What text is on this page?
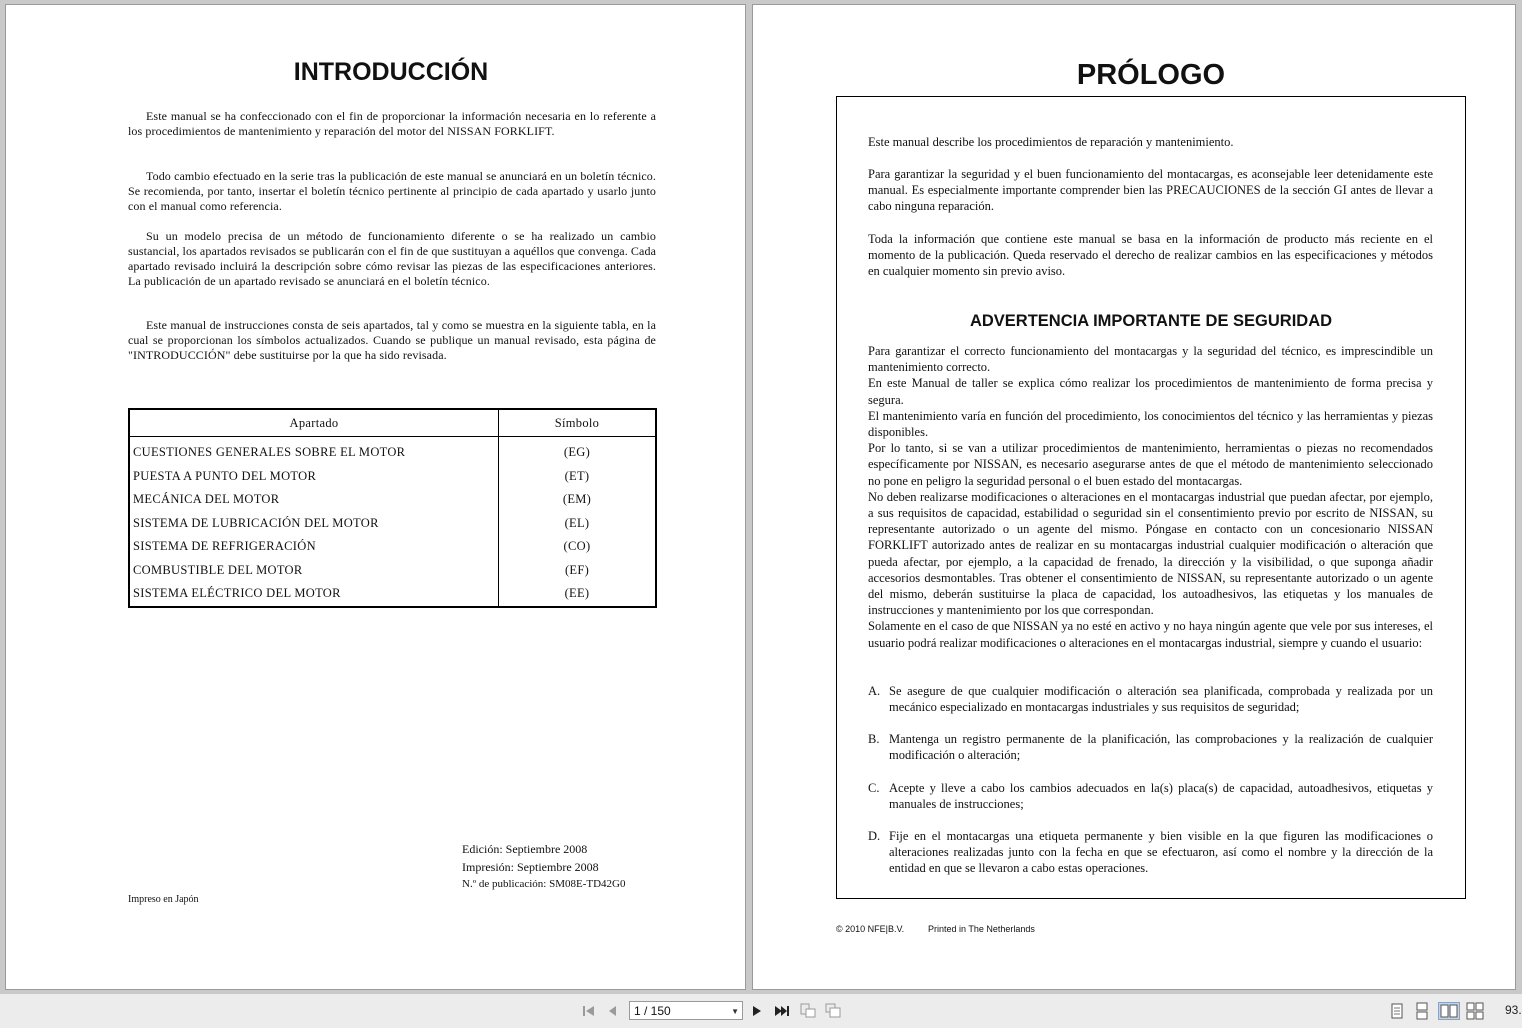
INTRODUCCIÓN

Este manual se ha confeccionado con el fin de proporcionar la información necesaria en lo referente a los procedimientos de mantenimiento y reparación del motor del NISSAN FORKLIFT.

Todo cambio efectuado en la serie tras la publicación de este manual se anunciará en un boletín técnico. Se recomienda, por tanto, insertar el boletín técnico pertinente al principio de cada apartado y usarlo junto con el manual como referencia.

Su un modelo precisa de un método de funcionamiento diferente o se ha realizado un cambio sustancial, los apartados revisados se publicarán con el fin de que sustituyan a aquéllos que convenga. Cada apartado revisado incluirá la descripción sobre cómo revisar las piezas de las especificaciones anteriores. La publicación de un apartado revisado se anunciará en el boletín técnico.

Este manual de instrucciones consta de seis apartados, tal y como se muestra en la siguiente tabla, en la cual se proporcionan los símbolos actualizados. Cuando se publique un manual revisado, esta página de "INTRODUCCIÓN" debe sustituirse por la que ha sido revisada.

Apartado	Símbolo
CUESTIONES GENERALES SOBRE EL MOTOR	(EG)
PUESTA A PUNTO DEL MOTOR	(ET)
MECÁNICA DEL MOTOR	(EM)
SISTEMA DE LUBRICACIÓN DEL MOTOR	(EL)
SISTEMA DE REFRIGERACIÓN	(CO)
COMBUSTIBLE DEL MOTOR	(EF)
SISTEMA ELÉCTRICO DEL MOTOR	(EE)
Edición: Septiembre 2008
Impresión: Septiembre 2008
N.º de publicación: SM08E-TD42G0
Impreso en Japón
PRÓLOGO

Este manual describe los procedimientos de reparación y mantenimiento.

Para garantizar la seguridad y el buen funcionamiento del montacargas, es aconsejable leer detenidamente este manual. Es especialmente importante comprender bien las PRECAUCIONES de la sección GI antes de llevar a cabo ninguna reparación.

Toda la información que contiene este manual se basa en la información de producto más reciente en el momento de la publicación. Queda reservado el derecho de realizar cambios en las especificaciones y métodos en cualquier momento sin previo aviso.

ADVERTENCIA IMPORTANTE DE SEGURIDAD
Para garantizar el correcto funcionamiento del montacargas y la seguridad del técnico, es imprescindible un mantenimiento correcto.
En este Manual de taller se explica cómo realizar los procedimientos de mantenimiento de forma precisa y segura.
El mantenimiento varía en función del procedimiento, los conocimientos del técnico y las herramientas y piezas disponibles.
Por lo tanto, si se van a utilizar procedimientos de mantenimiento, herramientas o piezas no recomendados específicamente por NISSAN, es necesario asegurarse antes de que el método de mantenimiento seleccionado no pone en peligro la seguridad personal o el buen estado del montacargas.
No deben realizarse modificaciones o alteraciones en el montacargas industrial que puedan afectar, por ejemplo, a sus requisitos de capacidad, estabilidad o seguridad sin el consentimiento previo por escrito de NISSAN, su representante autorizado o un agente del mismo. Póngase en contacto con un concesionario NISSAN FORKLIFT autorizado antes de realizar en su montacargas industrial cualquier modificación o alteración que pueda afectar, por ejemplo, a la capacidad de frenado, la dirección y la visibilidad, o que suponga añadir accesorios desmontables. Tras obtener el consentimiento de NISSAN, su representante autorizado o un agente del mismo, deberán sustituirse la placa de capacidad, los autoadhesivos, las etiquetas y los manuales de instrucciones y mantenimiento por los que correspondan.
Solamente en el caso de que NISSAN ya no esté en activo y no haya ningún agente que vele por sus intereses, el usuario podrá realizar modificaciones o alteraciones en el montacargas industrial, siempre y cuando el usuario:
A. Se asegure de que cualquier modificación o alteración sea planificada, comprobada y realizada por un mecánico especializado en montacargas industriales y sus requisitos de seguridad;

B. Mantenga un registro permanente de la planificación, las comprobaciones y la realización de cualquier modificación o alteración;

C. Acepte y lleve a cabo los cambios adecuados en la(s) placa(s) de capacidad, autoadhesivos, etiquetas y manuales de instrucciones;

D. Fije en el montacargas una etiqueta permanente y bien visible en la que figuren las modificaciones o alteraciones realizadas junto con la fecha en que se efectuaron, así como el nombre y la dirección de la entidad en que se llevaron a cabo estas operaciones.

© 2010 NFE|B.V.	Printed in The Netherlands
1 / 150	▼	93.
